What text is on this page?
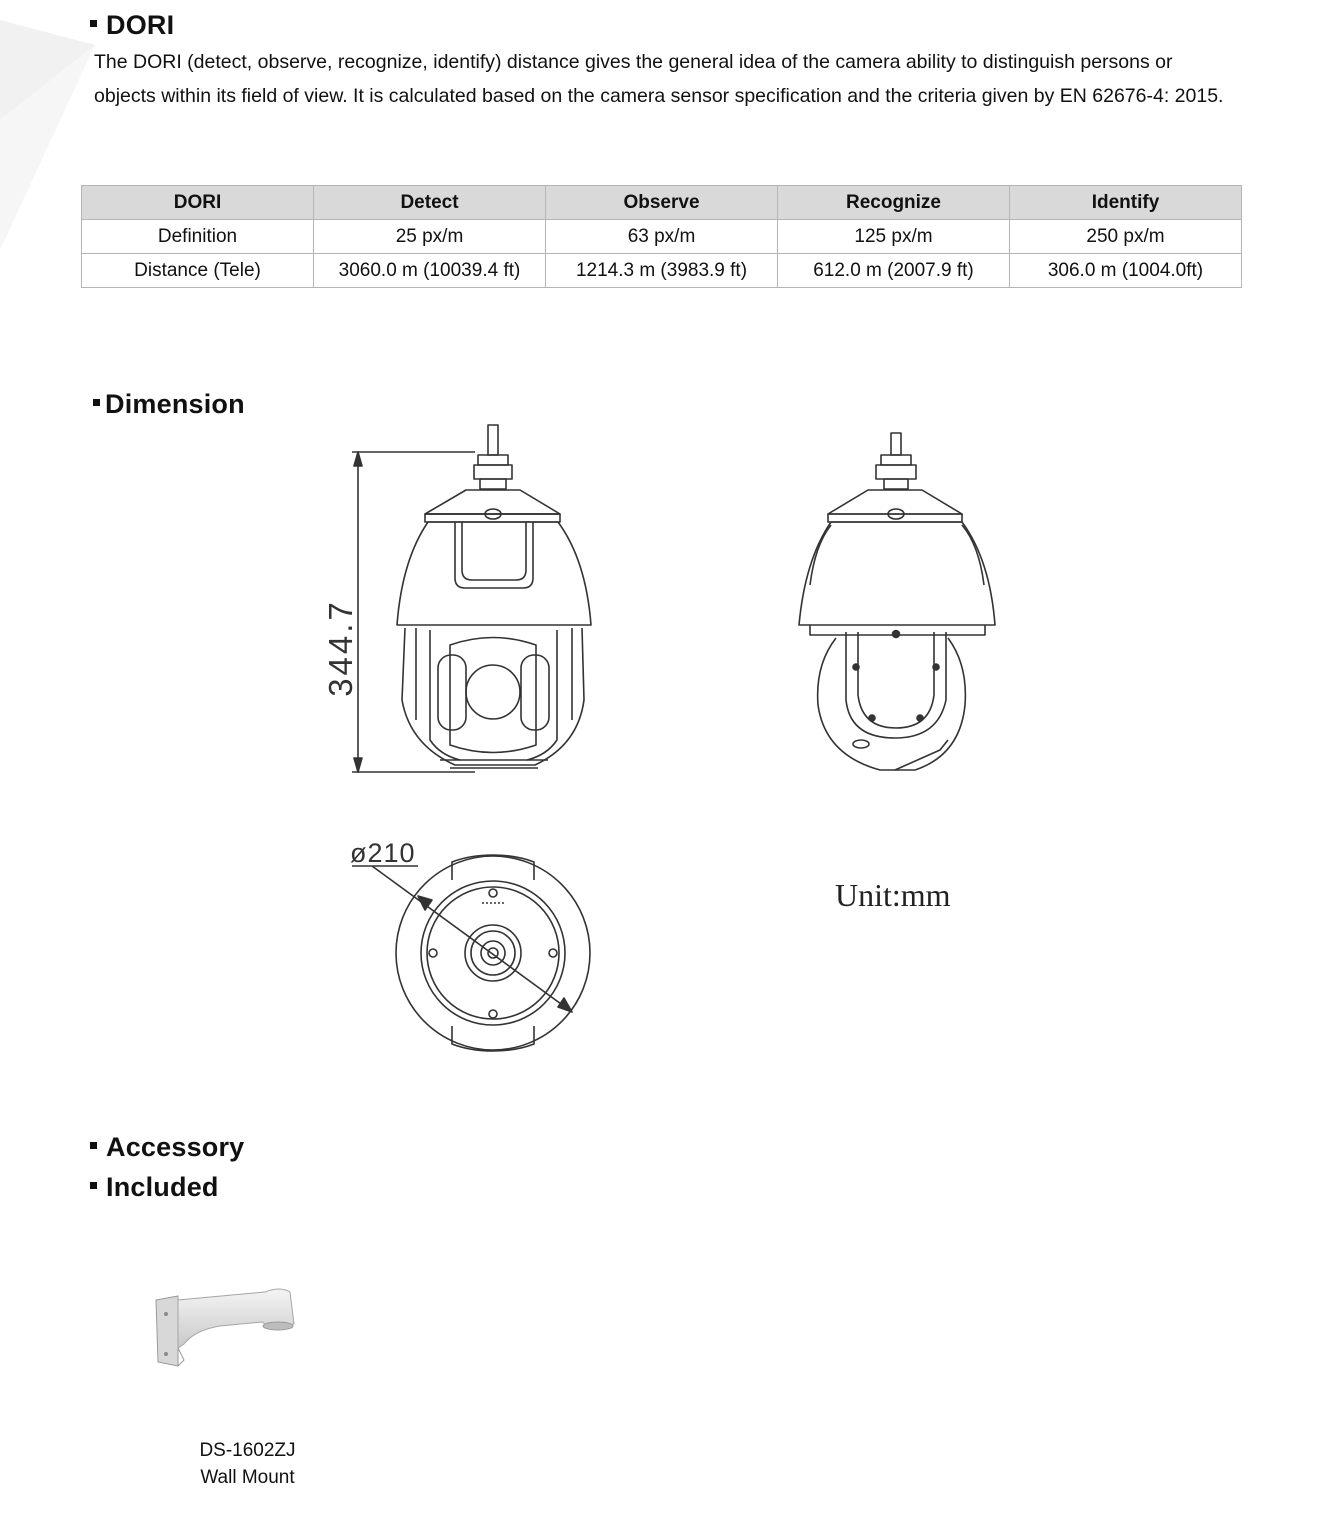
DORI

The DORI (detect, observe, recognize, identify) distance gives the general idea of the camera ability to distinguish persons or objects within its field of view. It is calculated based on the camera sensor specification and the criteria given by EN 62676-4: 2015.

DORI	Detect	Observe	Recognize	Identify
Definition	25 px/m	63 px/m	125 px/m	250 px/m
Distance (Tele)	3060.0 m (10039.4 ft)	1214.3 m (3983.9 ft)	612.0 m (2007.9 ft)	306.0 m (1004.0ft)
Dimension
344.7
ø210
Unit:mm
Accessory
Included
DS-1602ZJ
Wall Mount
